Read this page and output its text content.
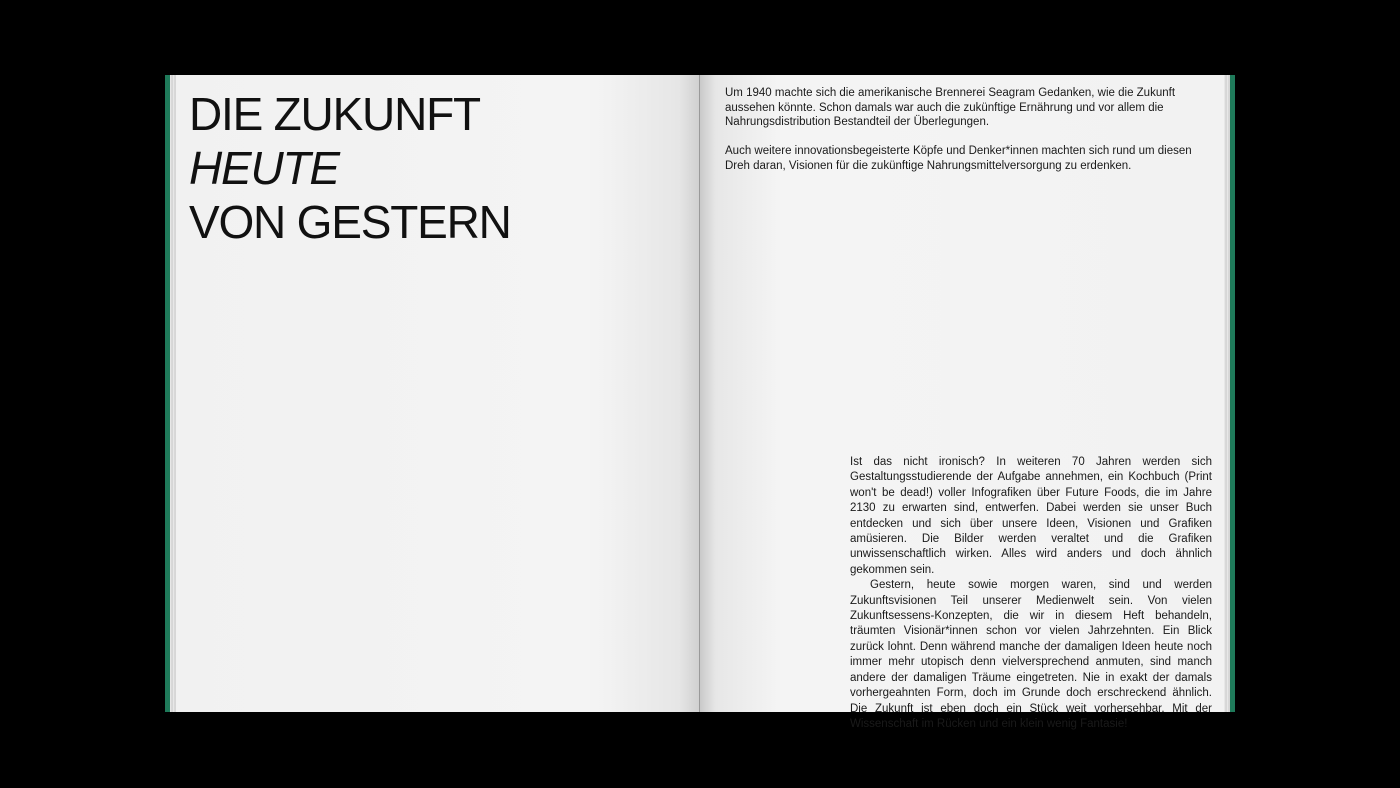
DIE ZUKUNFT
HEUTE
VON GESTERN

Um 1940 machte sich die amerikanische Brennerei Seagram Gedanken, wie die Zukunft aussehen könnte. Schon damals war auch die zukünftige Ernährung und vor allem die Nahrungsdistribution Bestandteil der Überlegungen.

Auch weitere innovationsbegeisterte Köpfe und Denker*innen machten sich rund um diesen Dreh daran, Visionen für die zukünftige Nahrungsmittelversorgung zu erdenken.

Ist das nicht ironisch? In weiteren 70 Jahren werden sich Gestaltungsstudierende der Aufgabe annehmen, ein Kochbuch (Print won't be dead!) voller Infografiken über Future Foods, die im Jahre 2130 zu erwarten sind, entwerfen. Dabei werden sie unser Buch entdecken und sich über unsere Ideen, Visionen und Grafiken amüsieren. Die Bilder werden veraltet und die Grafiken unwissenschaftlich wirken. Alles wird anders und doch ähnlich gekommen sein.

Gestern, heute sowie morgen waren, sind und werden Zukunftsvisionen Teil unserer Medienwelt sein. Von vielen Zukunftsessens-Konzepten, die wir in diesem Heft behandeln, träumten Visionär*innen schon vor vielen Jahrzehnten. Ein Blick zurück lohnt. Denn während manche der damaligen Ideen heute noch immer mehr utopisch denn vielversprechend anmuten, sind manch andere der damaligen Träume eingetreten. Nie in exakt der damals vorhergeahnten Form, doch im Grunde doch erschreckend ähnlich. Die Zukunft ist eben doch ein Stück weit vorhersehbar. Mit der Wissenschaft im Rücken und ein klein wenig Fantasie!
